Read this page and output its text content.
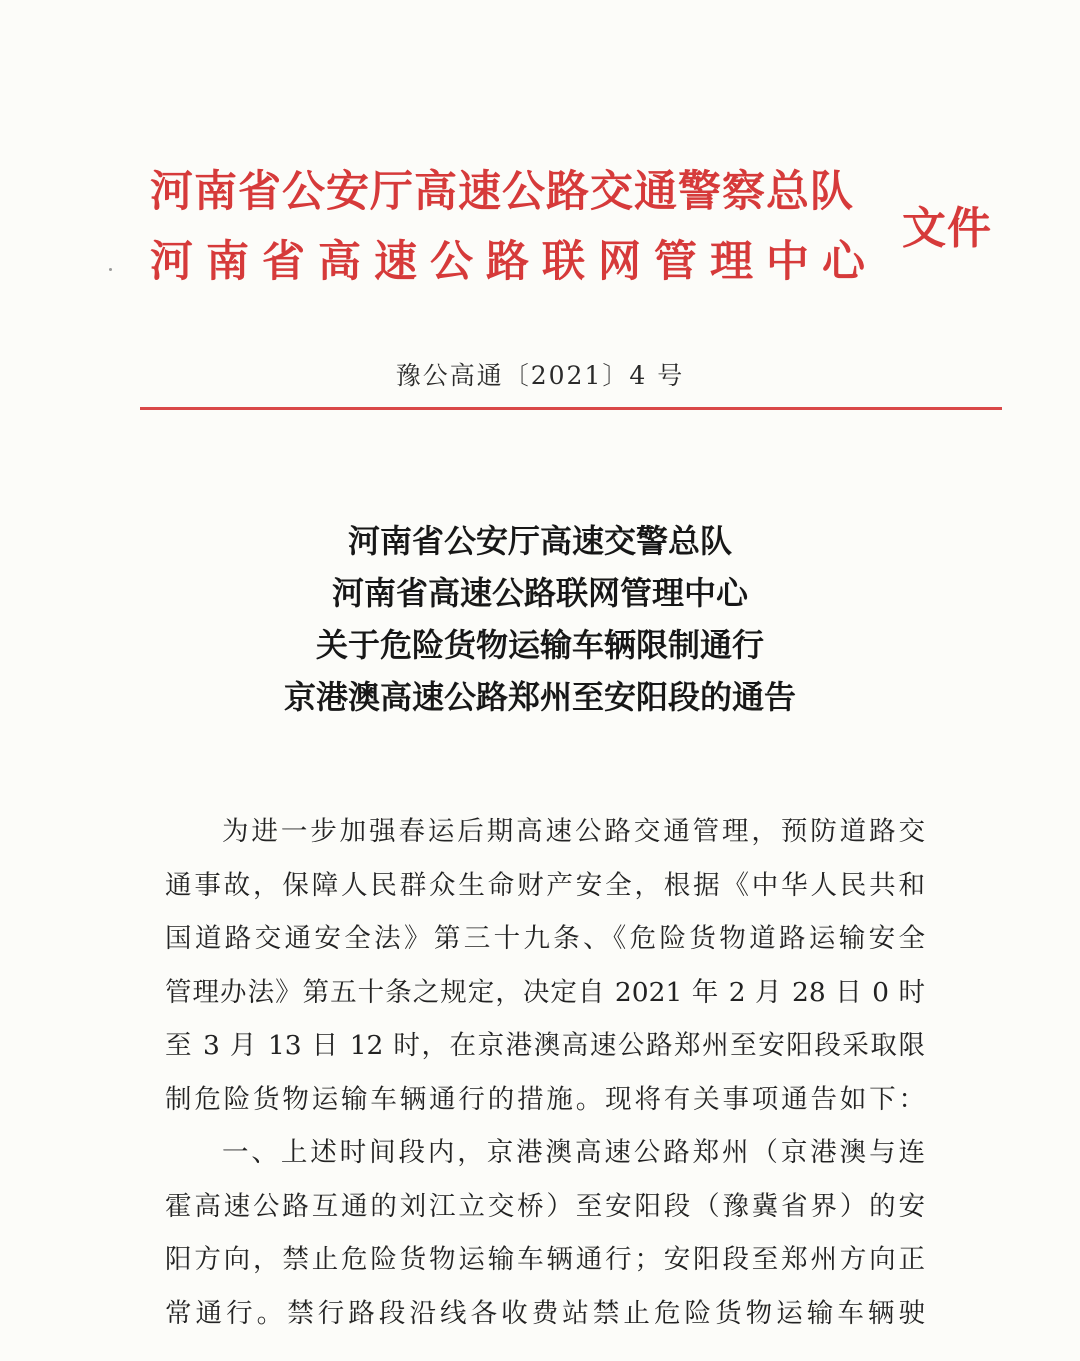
河南省公安厅高速公路交通警察总队
河南省高速公路联网管理中心
文件
豫公高通〔2021〕4 号
河南省公安厅高速交警总队
河南省高速公路联网管理中心
关于危险货物运输车辆限制通行
京港澳高速公路郑州至安阳段的通告
为进一步加强春运后期高速公路交通管理，预防道路交
通事故，保障人民群众生命财产安全，根据《中华人民共和
国道路交通安全法》第三十九条、《危险货物道路运输安全
管理办法》第五十条之规定，决定自 2021 年 2 月 28 日 0 时
至 3 月 13 日 12 时，在京港澳高速公路郑州至安阳段采取限
制危险货物运输车辆通行的措施。现将有关事项通告如下：
一、上述时间段内，京港澳高速公路郑州（京港澳与连
霍高速公路互通的刘江立交桥）至安阳段（豫冀省界）的安
阳方向，禁止危险货物运输车辆通行；安阳段至郑州方向正
常通行。禁行路段沿线各收费站禁止危险货物运输车辆驶
